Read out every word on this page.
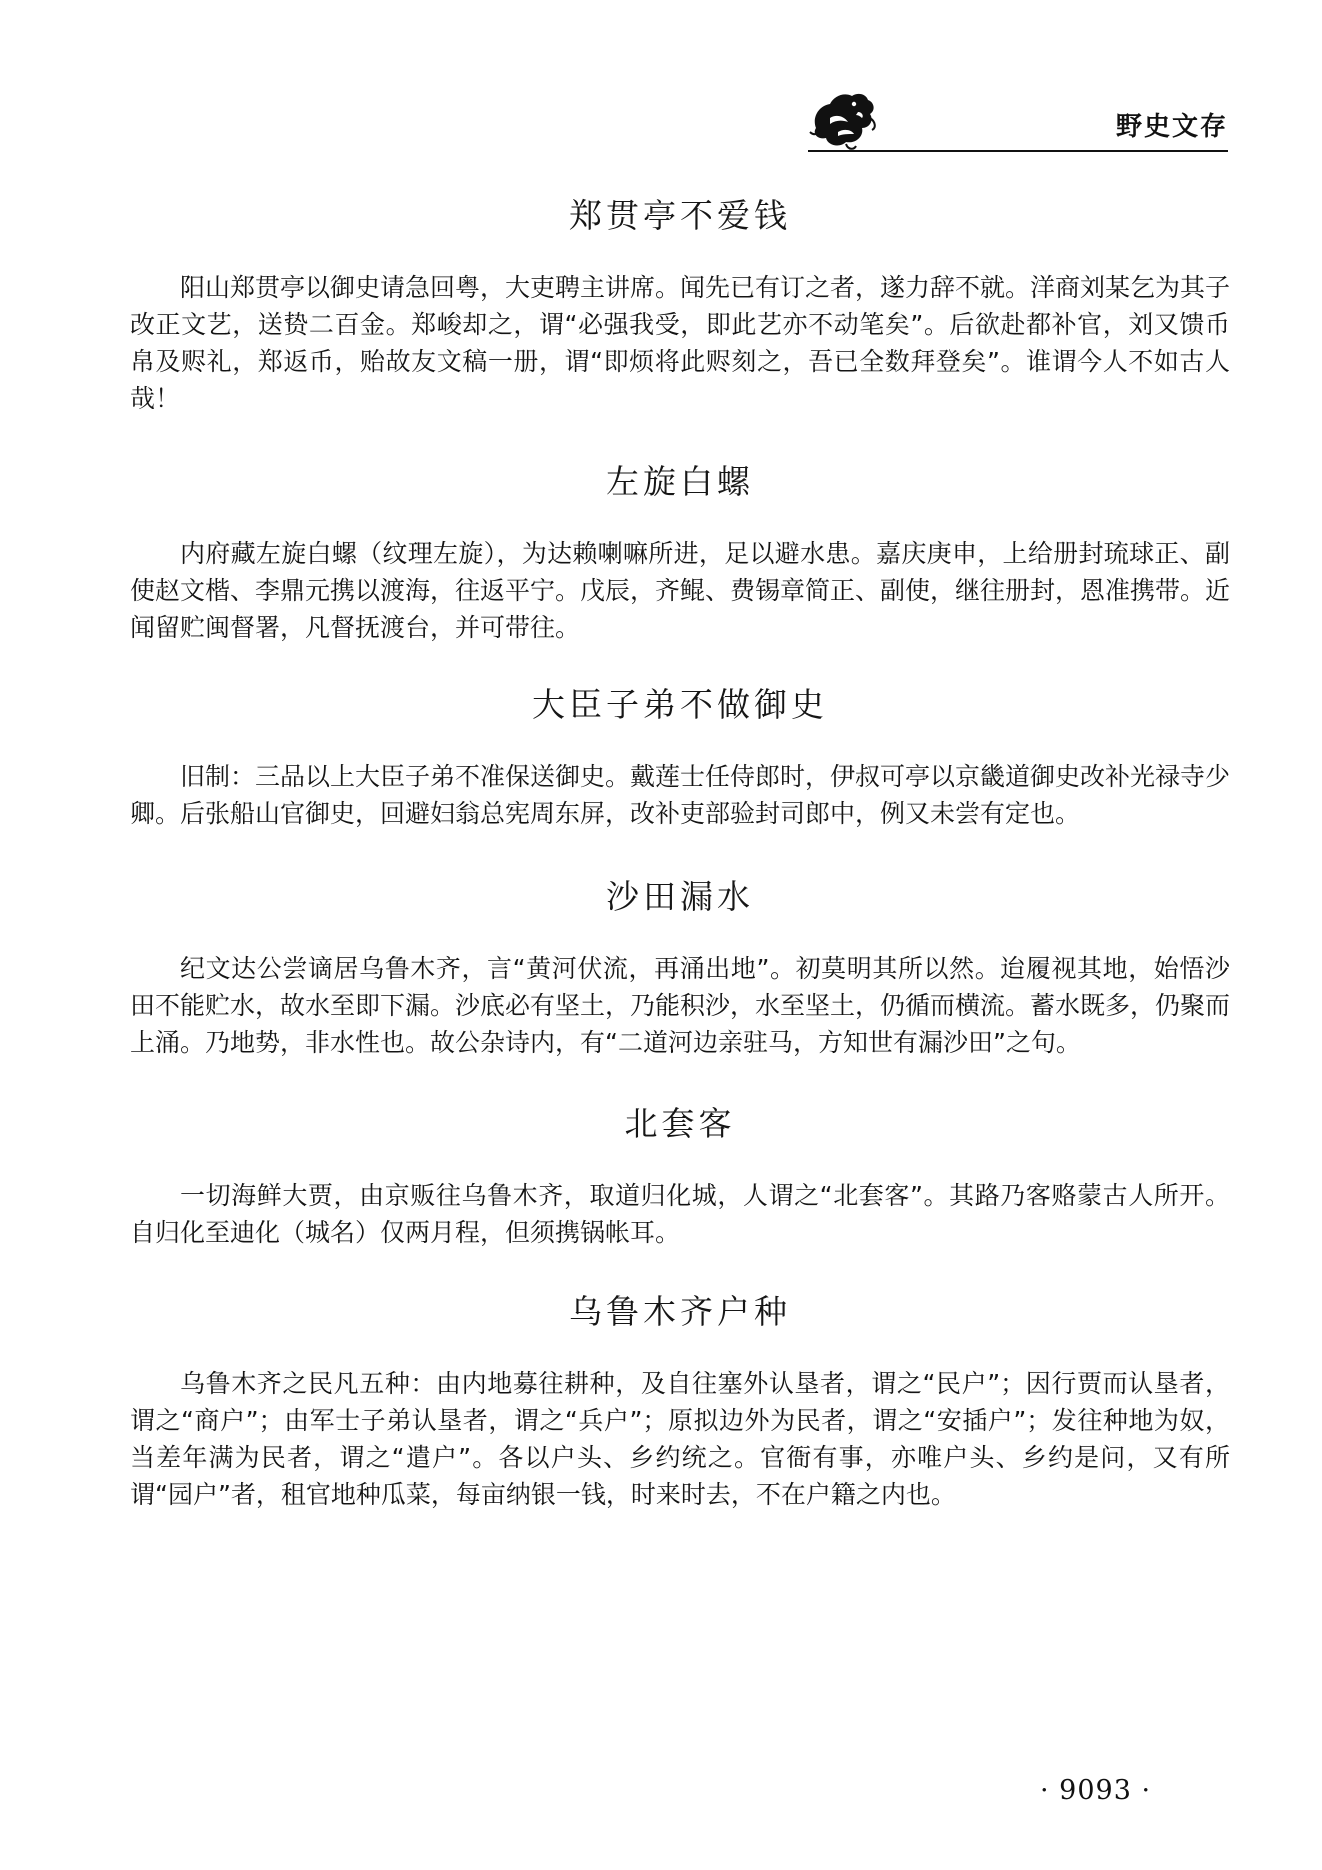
野史文存
郑贯亭不爱钱

阳山郑贯亭以御史请急回粤，大吏聘主讲席。闻先已有订之者，遂力辞不就。洋商刘某乞为其子改正文艺，送贽二百金。郑峻却之，谓“必强我受，即此艺亦不动笔矣”。后欲赴都补官，刘又馈币帛及赆礼，郑返币，贻故友文稿一册，谓“即烦将此赆刻之，吾已全数拜登矣”。谁谓今人不如古人哉！

左旋白螺

内府藏左旋白螺（纹理左旋），为达赖喇嘛所进，足以避水患。嘉庆庚申，上给册封琉球正、副使赵文楷、李鼎元携以渡海，往返平宁。戊辰，齐鲲、费锡章简正、副使，继往册封，恩准携带。近闻留贮闽督署，凡督抚渡台，并可带往。

大臣子弟不做御史

旧制：三品以上大臣子弟不准保送御史。戴莲士任侍郎时，伊叔可亭以京畿道御史改补光禄寺少卿。后张船山官御史，回避妇翁总宪周东屏，改补吏部验封司郎中，例又未尝有定也。

沙田漏水

纪文达公尝谪居乌鲁木齐，言“黄河伏流，再涌出地”。初莫明其所以然。迨履视其地，始悟沙田不能贮水，故水至即下漏。沙底必有坚土，乃能积沙，水至坚土，仍循而横流。蓄水既多，仍聚而上涌。乃地势，非水性也。故公杂诗内，有“二道河边亲驻马，方知世有漏沙田”之句。

北套客

一切海鲜大贾，由京贩往乌鲁木齐，取道归化城，人谓之“北套客”。其路乃客赂蒙古人所开。自归化至迪化（城名）仅两月程，但须携锅帐耳。

乌鲁木齐户种

乌鲁木齐之民凡五种：由内地募往耕种，及自往塞外认垦者，谓之“民户”；因行贾而认垦者，谓之“商户”；由军士子弟认垦者，谓之“兵户”；原拟边外为民者，谓之“安插户”；发往种地为奴，当差年满为民者，谓之“遣户”。各以户头、乡约统之。官衙有事，亦唯户头、乡约是问，又有所谓“园户”者，租官地种瓜菜，每亩纳银一钱，时来时去，不在户籍之内也。

· 9093 ·
